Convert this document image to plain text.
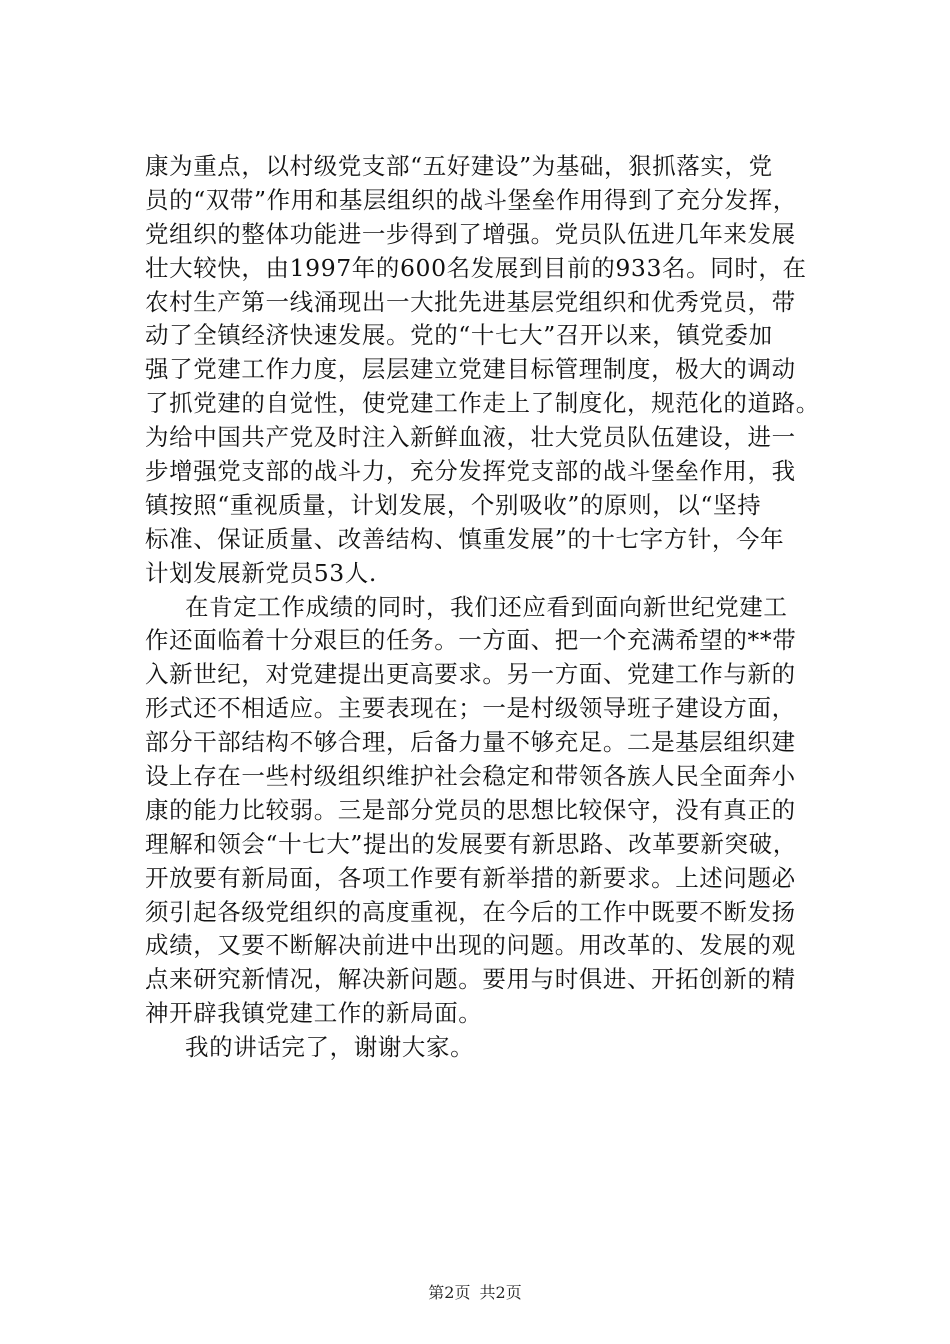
康为重点，以村级党支部“五好建设”为基础，狠抓落实，党
员的“双带”作用和基层组织的战斗堡垒作用得到了充分发挥，
党组织的整体功能进一步得到了增强。党员队伍进几年来发展
壮大较快，由1997年的600名发展到目前的933名。同时，在
农村生产第一线涌现出一大批先进基层党组织和优秀党员，带
动了全镇经济快速发展。党的“十七大”召开以来，镇党委加
强了党建工作力度，层层建立党建目标管理制度，极大的调动
了抓党建的自觉性，使党建工作走上了制度化，规范化的道路。
为给中国共产党及时注入新鲜血液，壮大党员队伍建设，进一
步增强党支部的战斗力，充分发挥党支部的战斗堡垒作用，我
镇按照“重视质量，计划发展，个别吸收”的原则，以“坚持
标准、保证质量、改善结构、慎重发展”的十七字方针，今年
计划发展新党员53人.
在肯定工作成绩的同时，我们还应看到面向新世纪党建工
作还面临着十分艰巨的任务。一方面、把一个充满希望的**带
入新世纪，对党建提出更高要求。另一方面、党建工作与新的
形式还不相适应。主要表现在；一是村级领导班子建设方面，
部分干部结构不够合理，后备力量不够充足。二是基层组织建
设上存在一些村级组织维护社会稳定和带领各族人民全面奔小
康的能力比较弱。三是部分党员的思想比较保守，没有真正的
理解和领会“十七大”提出的发展要有新思路、改革要新突破，
开放要有新局面，各项工作要有新举措的新要求。上述问题必
须引起各级党组织的高度重视，在今后的工作中既要不断发扬
成绩，又要不断解决前进中出现的问题。用改革的、发展的观
点来研究新情况，解决新问题。要用与时俱进、开拓创新的精
神开辟我镇党建工作的新局面。
我的讲话完了，谢谢大家。
第2页 共2页
